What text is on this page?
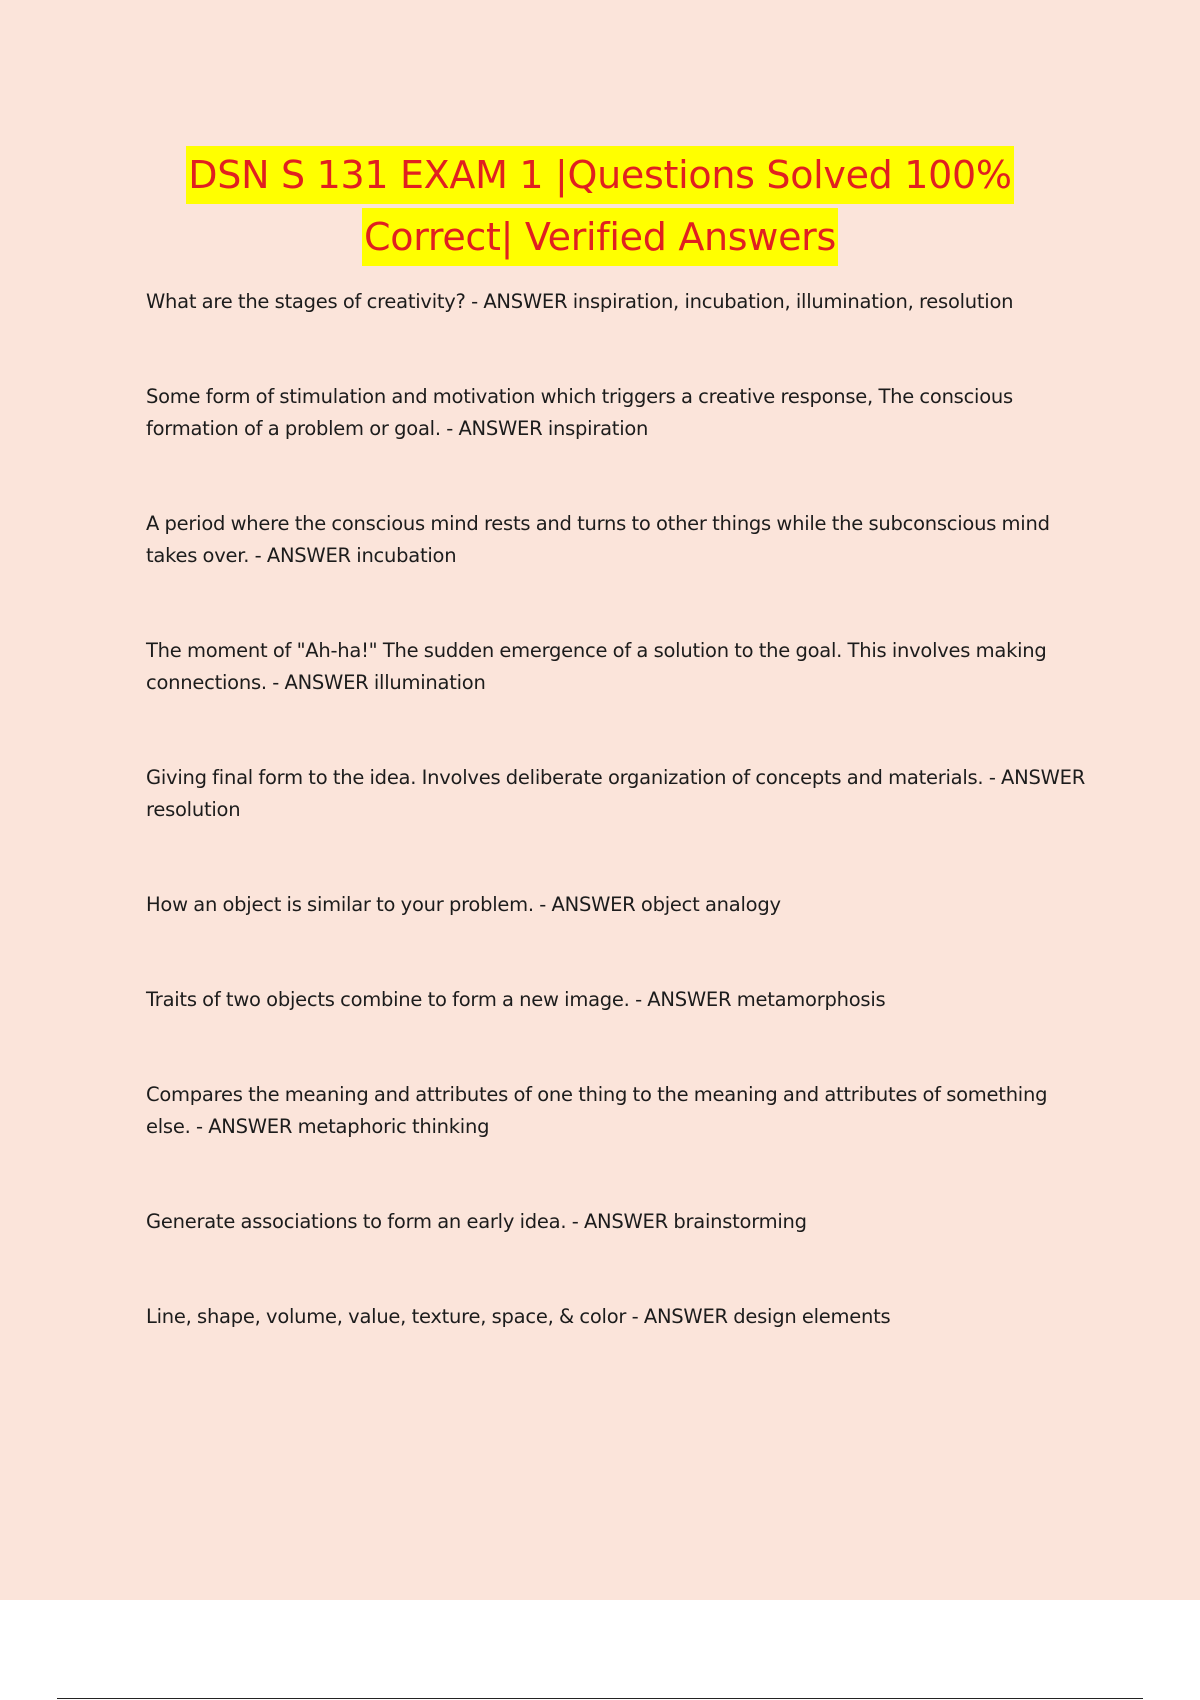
DSN S 131 EXAM 1 |Questions Solved 100%
Correct| Verified Answers
What are the stages of creativity? - ANSWER inspiration, incubation, illumination, resolution
Some form of stimulation and motivation which triggers a creative response, The conscious formation of a problem or goal. - ANSWER inspiration
A period where the conscious mind rests and turns to other things while the subconscious mind takes over. - ANSWER incubation
The moment of "Ah-ha!" The sudden emergence of a solution to the goal. This involves making connections. - ANSWER illumination
Giving final form to the idea. Involves deliberate organization of concepts and materials. - ANSWER resolution
How an object is similar to your problem. - ANSWER object analogy
Traits of two objects combine to form a new image. - ANSWER metamorphosis
Compares the meaning and attributes of one thing to the meaning and attributes of something else. - ANSWER metaphoric thinking
Generate associations to form an early idea. - ANSWER brainstorming
Line, shape, volume, value, texture, space, & color - ANSWER design elements
